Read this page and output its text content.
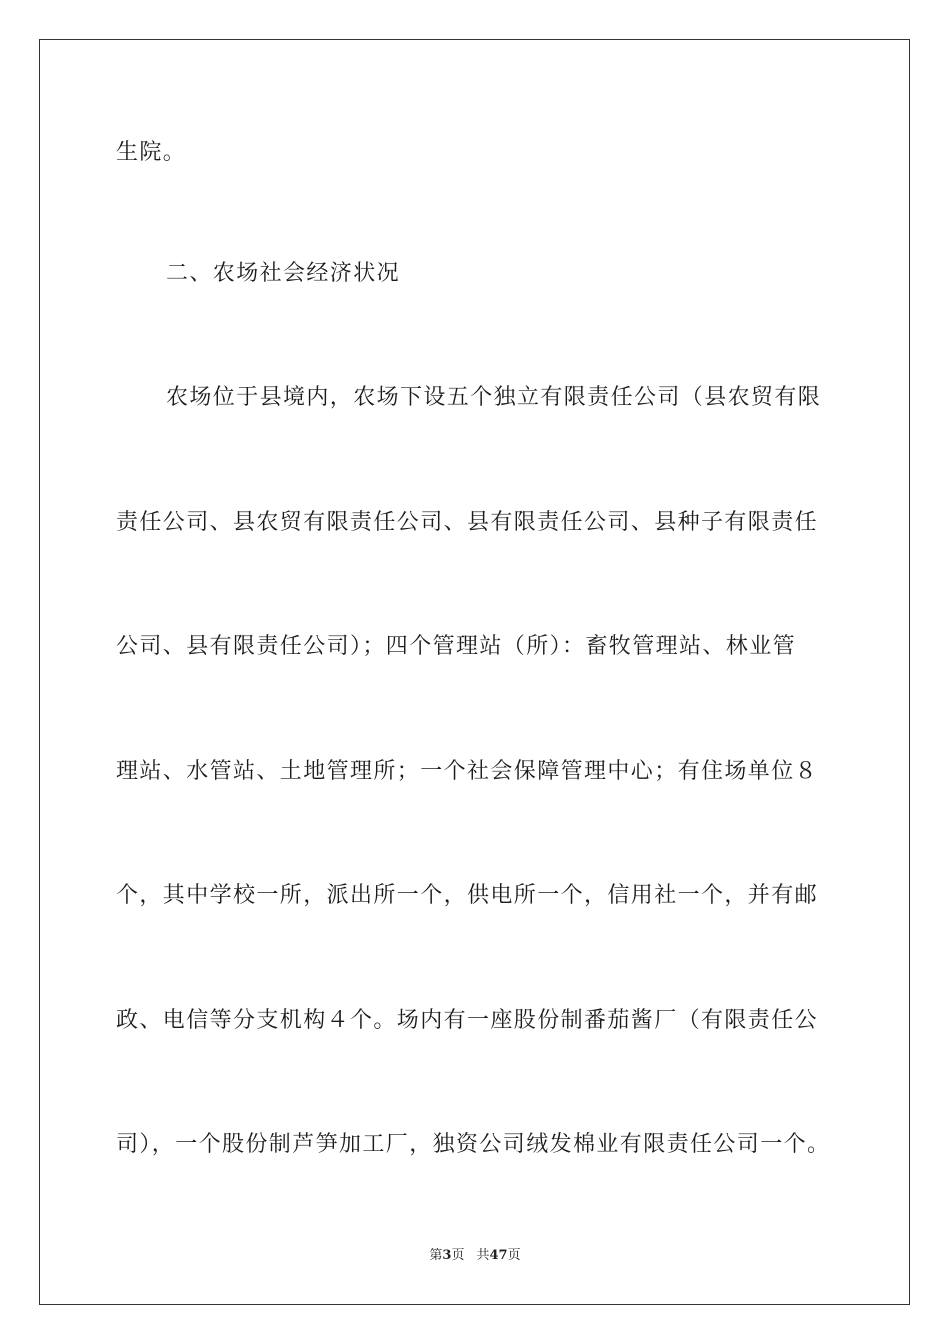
生院。
二、农场社会经济状况
农场位于县境内，农场下设五个独立有限责任公司（县农贸有限
责任公司、县农贸有限责任公司、县有限责任公司、县种子有限责任
公司、县有限责任公司）；四个管理站（所）：畜牧管理站、林业管
理站、水管站、土地管理所；一个社会保障管理中心；有住场单位８
个，其中学校一所，派出所一个，供电所一个，信用社一个，并有邮
政、电信等分支机构４个。场内有一座股份制番茄酱厂（有限责任公
司），一个股份制芦笋加工厂，独资公司绒发棉业有限责任公司一个。
第3页 共47页
